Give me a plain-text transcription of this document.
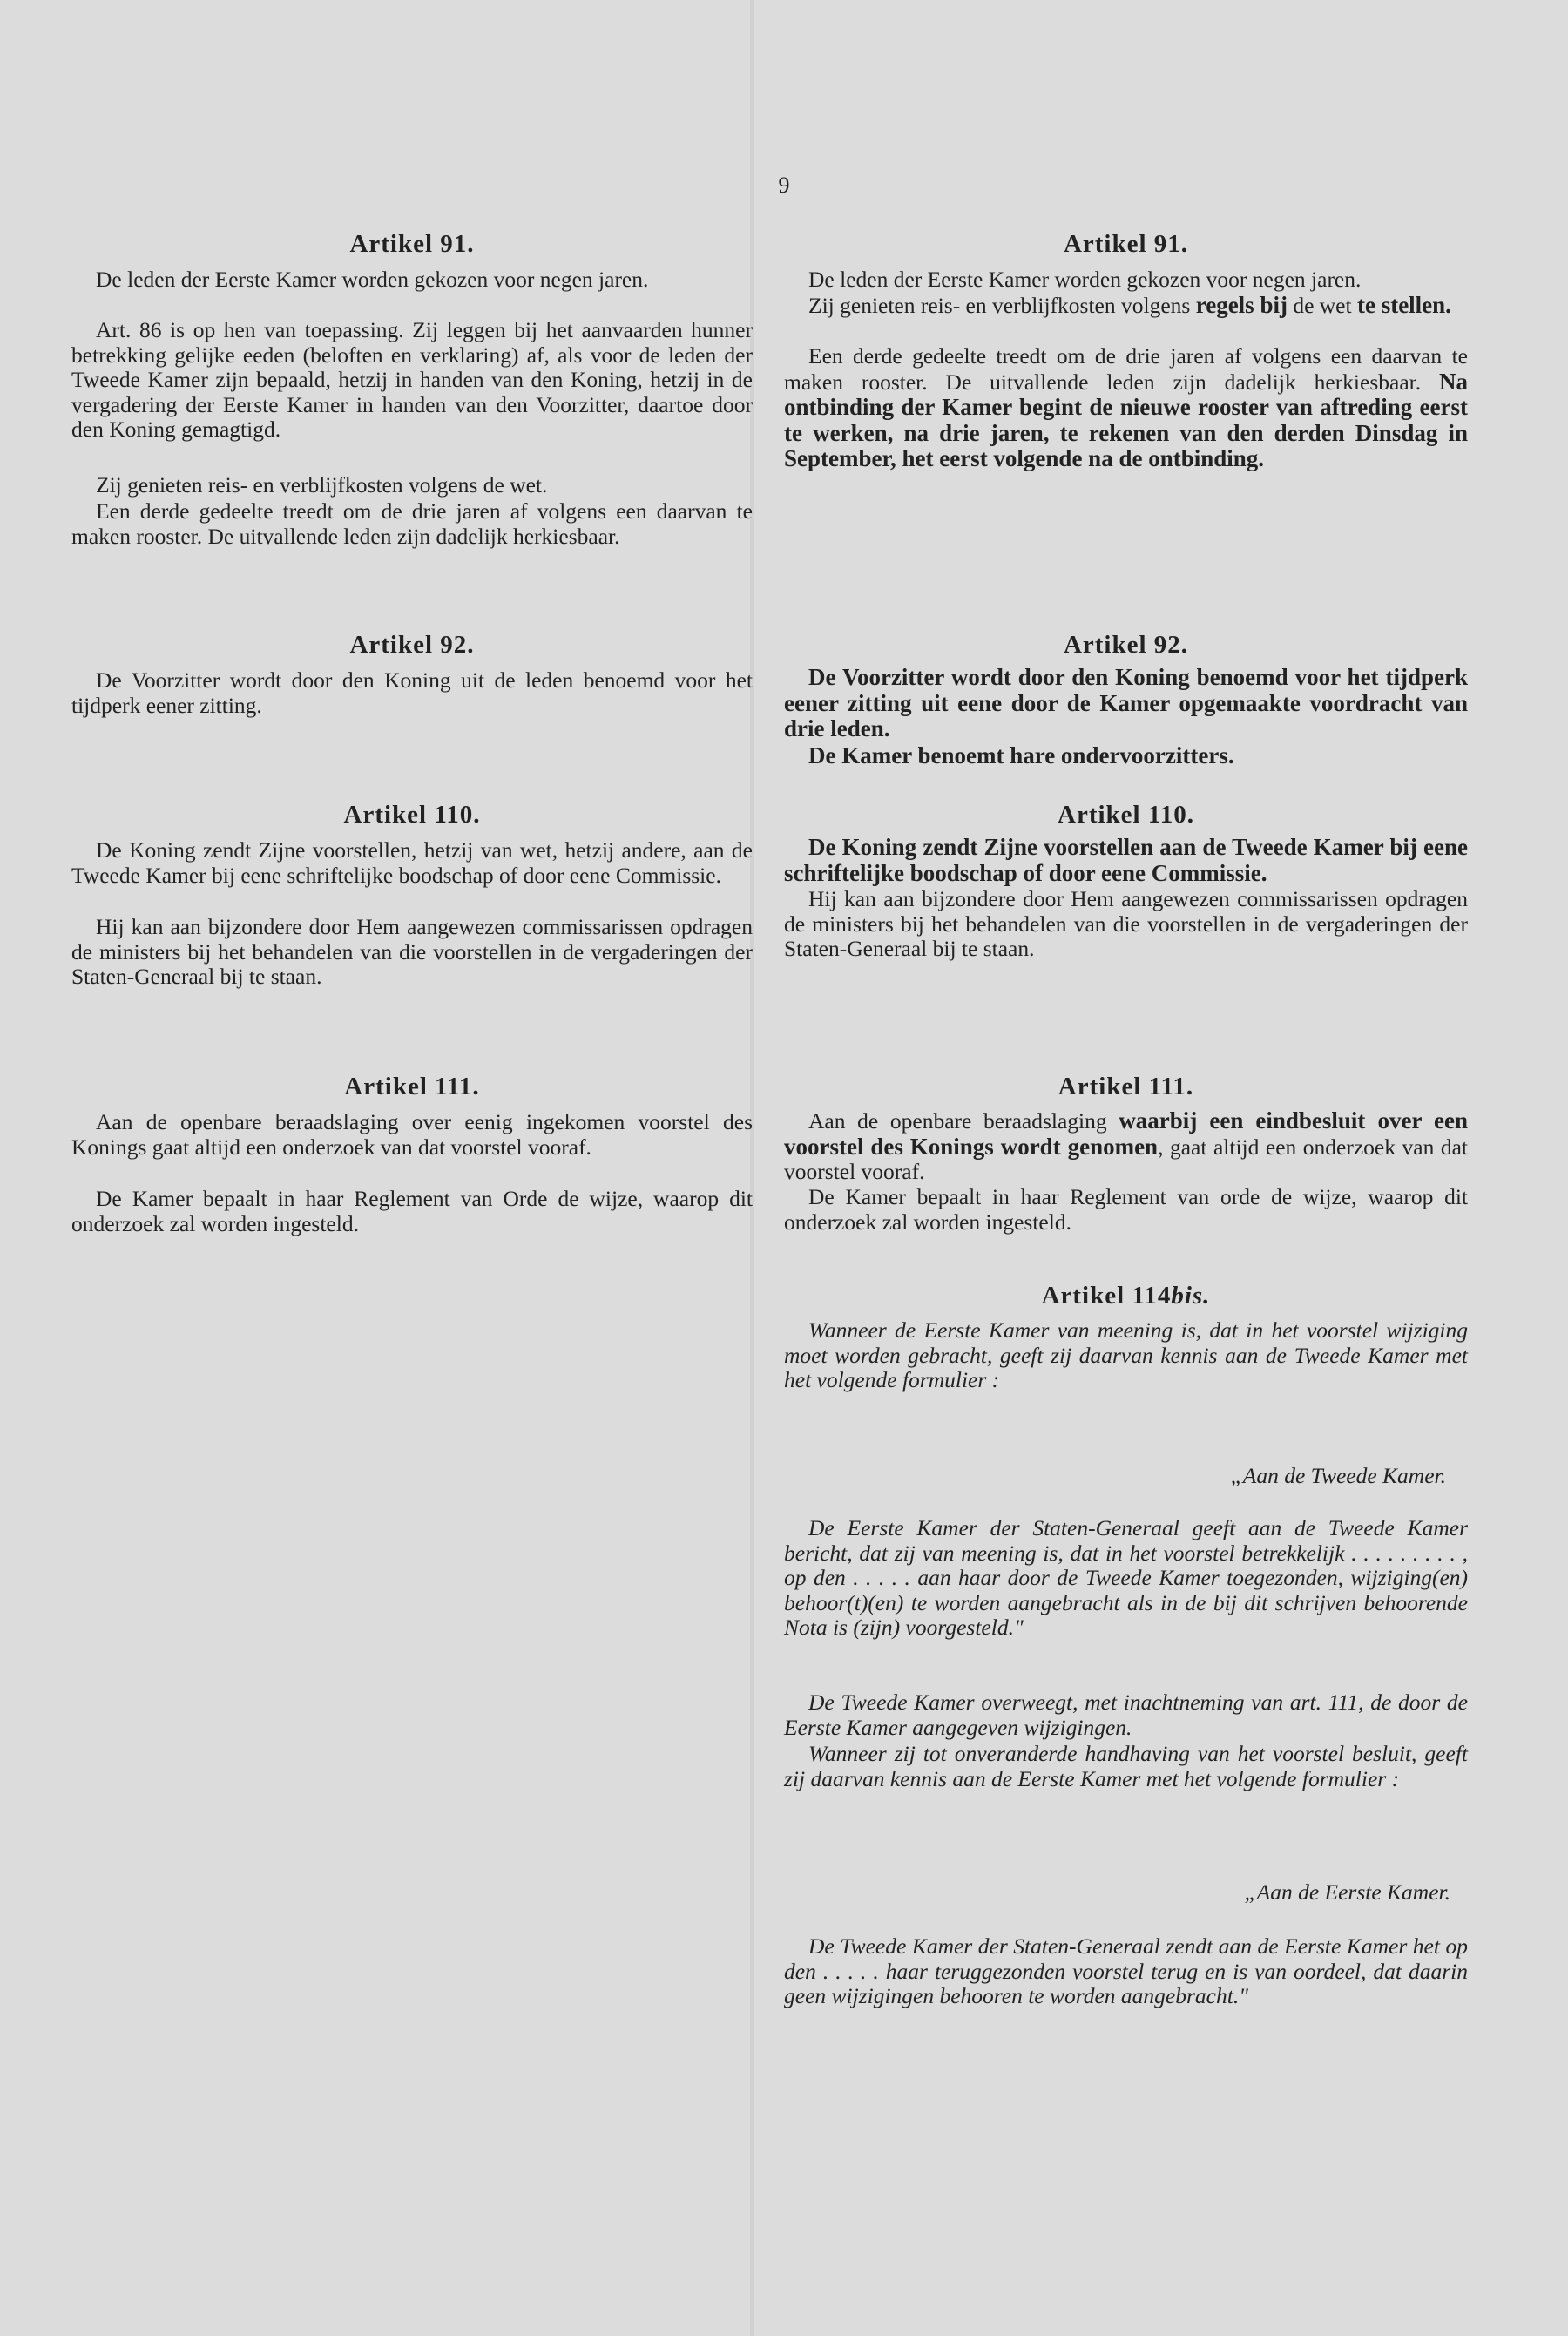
9
Artikel 91.

De leden der Eerste Kamer worden gekozen voor negen jaren.

Art. 86 is op hen van toepassing. Zij leggen bij het aanvaarden hunner betrekking gelijke eeden (beloften en verklaring) af, als voor de leden der Tweede Kamer zijn bepaald, hetzij in handen van den Koning, hetzij in de vergadering der Eerste Kamer in handen van den Voorzitter, daartoe door den Koning gemagtigd.

Zij genieten reis- en verblijfkosten volgens de wet.

Een derde gedeelte treedt om de drie jaren af volgens een daarvan te maken rooster. De uitvallende leden zijn dadelijk herkiesbaar.

Artikel 92.

De Voorzitter wordt door den Koning uit de leden benoemd voor het tijdperk eener zitting.

Artikel 110.

De Koning zendt Zijne voorstellen, hetzij van wet, hetzij andere, aan de Tweede Kamer bij eene schriftelijke boodschap of door eene Commissie.

Hij kan aan bijzondere door Hem aangewezen commissarissen opdragen de ministers bij het behandelen van die voorstellen in de vergaderingen der Staten-Generaal bij te staan.

Artikel 111.

Aan de openbare beraadslaging over eenig ingekomen voorstel des Konings gaat altijd een onderzoek van dat voorstel vooraf.

De Kamer bepaalt in haar Reglement van Orde de wijze, waarop dit onderzoek zal worden ingesteld.

Artikel 91.

De leden der Eerste Kamer worden gekozen voor negen jaren.

Zij genieten reis- en verblijfkosten volgens regels bij de wet te stellen.

Een derde gedeelte treedt om de drie jaren af volgens een daarvan te maken rooster. De uitvallende leden zijn dadelijk herkiesbaar. Na ontbinding der Kamer begint de nieuwe rooster van aftreding eerst te werken, na drie jaren, te rekenen van den derden Dinsdag in September, het eerst volgende na de ontbinding.

Artikel 92.

De Voorzitter wordt door den Koning benoemd voor het tijdperk eener zitting uit eene door de Kamer opgemaakte voordracht van drie leden.

De Kamer benoemt hare ondervoorzitters.

Artikel 110.

De Koning zendt Zijne voorstellen aan de Tweede Kamer bij eene schriftelijke boodschap of door eene Commissie.

Hij kan aan bijzondere door Hem aangewezen commissarissen opdragen de ministers bij het behandelen van die voorstellen in de vergaderingen der Staten-Generaal bij te staan.

Artikel 111.

Aan de openbare beraadslaging waarbij een eindbesluit over een voorstel des Konings wordt genomen, gaat altijd een onderzoek van dat voorstel vooraf.

De Kamer bepaalt in haar Reglement van orde de wijze, waarop dit onderzoek zal worden ingesteld.

Artikel 114bis.

Wanneer de Eerste Kamer van meening is, dat in het voorstel wijziging moet worden gebracht, geeft zij daarvan kennis aan de Tweede Kamer met het volgende formulier :

„Aan de Tweede Kamer.

De Eerste Kamer der Staten-Generaal geeft aan de Tweede Kamer bericht, dat zij van meening is, dat in het voorstel betrekkelijk . . . . . . . . . , op den . . . . . aan haar door de Tweede Kamer toegezonden, wijziging(en) behoor(t)(en) te worden aangebracht als in de bij dit schrijven behoorende Nota is (zijn) voorgesteld."

De Tweede Kamer overweegt, met inachtneming van art. 111, de door de Eerste Kamer aangegeven wijzigingen.

Wanneer zij tot onveranderde handhaving van het voorstel besluit, geeft zij daarvan kennis aan de Eerste Kamer met het volgende formulier :

„Aan de Eerste Kamer.

De Tweede Kamer der Staten-Generaal zendt aan de Eerste Kamer het op den . . . . . haar teruggezonden voorstel terug en is van oordeel, dat daarin geen wijzigingen behooren te worden aangebracht."
